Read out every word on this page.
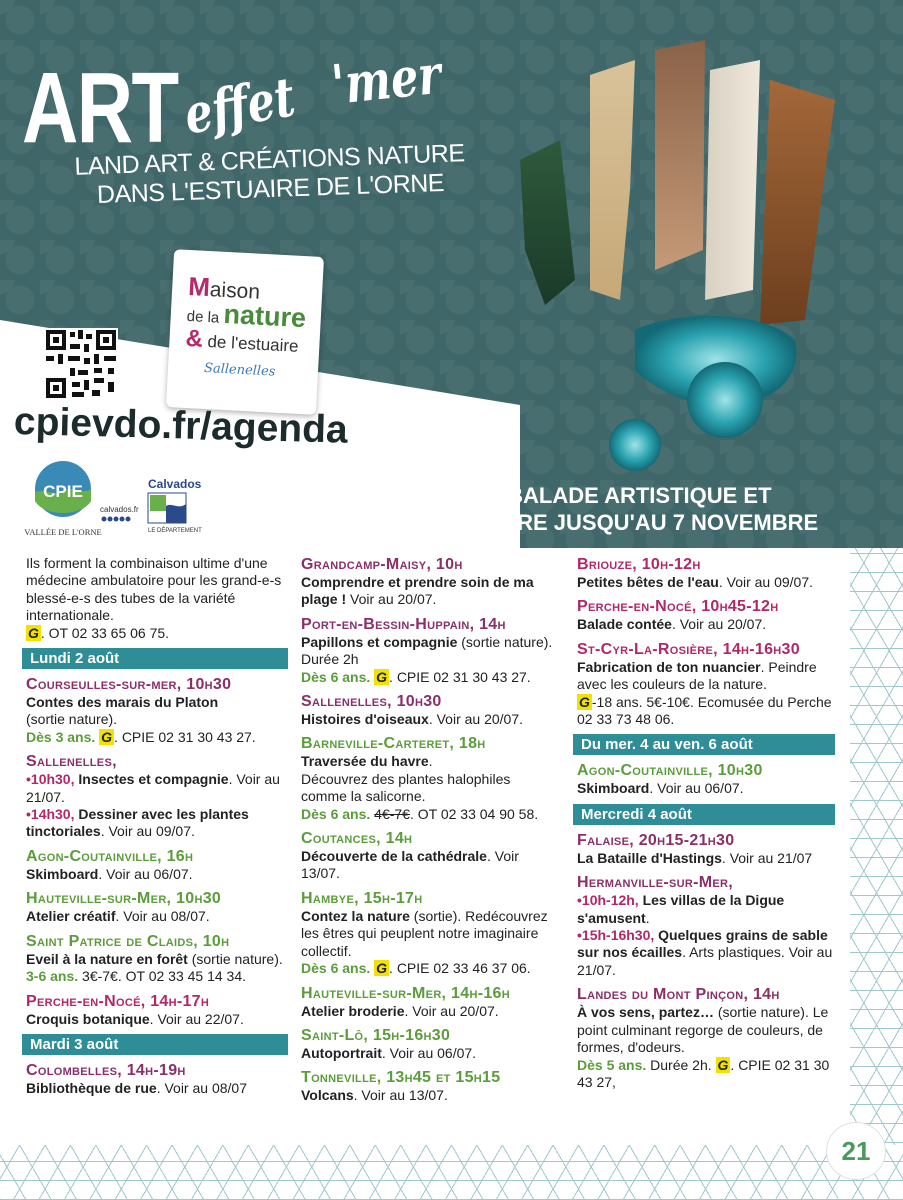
ART effet 'mer
LAND ART & CRÉATIONS NATURE
DANS L'ESTUAIRE DE L'ORNE
Maison
de la nature
& de l'estuaire
Sallenelles
cpievdo.fr/agenda
CPIE
VALLÉE DE L'ORNE
Calvados
calvados.fr
LE DÉPARTEMENT
EXPOSITION, BALADE ARTISTIQUE ET
ANIMATIONS NATURE JUSQU'AU 7 NOVEMBRE
Ils forment la combinaison ultime d'une médecine ambulatoire pour les grand-e-s blessé-e-s des tubes de la variété internationale.
G . OT 02 33 65 06 75.
Lundi 2 août
Courseulles-sur-mer, 10h30
Contes des marais du Platon
(sortie nature).
Dès 3 ans. G . CPIE 02 31 30 43 27.
Sallenelles,
•10h30, Insectes et compagnie. Voir au 21/07.
•14h30, Dessiner avec les plantes tinctoriales. Voir au 09/07.
Agon-Coutainville, 16h
Skimboard. Voir au 06/07.
Hauteville-sur-Mer, 10h30
Atelier créatif. Voir au 08/07.
Saint Patrice de Claids, 10h
Eveil à la nature en forêt (sortie nature).
3-6 ans. 3€-7€. OT 02 33 45 14 34.
Perche-en-Nocé, 14h-17h
Croquis botanique. Voir au 22/07.
Mardi 3 août
Colombelles, 14h-19h
Bibliothèque de rue. Voir au 08/07
Grandcamp-Maisy, 10h
Comprendre et prendre soin de ma plage ! Voir au 20/07.
Port-en-Bessin-Huppain, 14h
Papillons et compagnie (sortie nature). Durée 2h
Dès 6 ans. G . CPIE 02 31 30 43 27.
Sallenelles, 10h30
Histoires d'oiseaux. Voir au 20/07.
Barneville-Carteret, 18h
Traversée du havre.
Découvrez des plantes halophiles comme la salicorne.
Dès 6 ans. 4€-7€. OT 02 33 04 90 58.
Coutances, 14h
Découverte de la cathédrale. Voir 13/07.
Hambye, 15h-17h
Contez la nature (sortie). Redécouvrez les êtres qui peuplent notre imaginaire collectif.
Dès 6 ans. G . CPIE 02 33 46 37 06.
Hauteville-sur-Mer, 14h-16h
Atelier broderie. Voir au 20/07.
Saint-Lô, 15h-16h30
Autoportrait. Voir au 06/07.
Tonneville, 13h45 et 15h15
Volcans. Voir au 13/07.
Briouze, 10h-12h
Petites bêtes de l'eau. Voir au 09/07.
Perche-en-Nocé, 10h45-12h
Balade contée. Voir au 20/07.
St-Cyr-La-Rosière, 14h-16h30
Fabrication de ton nuancier. Peindre avec les couleurs de la nature.
G -18 ans. 5€-10€. Ecomusée du Perche 02 33 73 48 06.
Du mer. 4 au ven. 6 août
Agon-Coutainville, 10h30
Skimboard. Voir au 06/07.
Mercredi 4 août
Falaise, 20h15-21h30
La Bataille d'Hastings. Voir au 21/07
Hermanville-sur-Mer,
•10h-12h, Les villas de la Digue s'amusent.
•15h-16h30, Quelques grains de sable sur nos écailles. Arts plastiques. Voir au 21/07.
Landes du Mont Pinçon, 14h
À vos sens, partez… (sortie nature). Le point culminant regorge de couleurs, de formes, d'odeurs.
Dès 5 ans. Durée 2h. G . CPIE 02 31 30 43 27,
21
